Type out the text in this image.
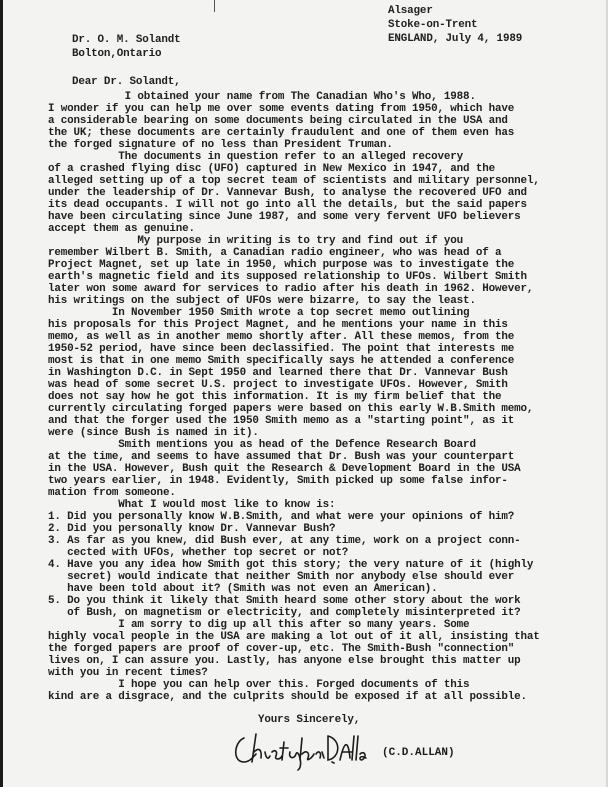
Alsager
Stoke-on-Trent
ENGLAND, July 4, 1989
Dr. O. M. Solandt
Bolton,Ontario
Dear Dr. Solandt,
I obtained your name from The Canadian Who's Who, 1988.
I wonder if you can help me over some events dating from 1950, which have
a considerable bearing on some documents being circulated in the USA and
the UK; these documents are certainly fraudulent and one of them even has
the forged signature of no less than President Truman.
The documents in question refer to an alleged recovery
of a crashed flying disc (UFO) captured in New Mexico in 1947, and the
alleged setting up of a top secret team of scientists and military personnel,
under the leadership of Dr. Vannevar Bush, to analyse the recovered UFO and
its dead occupants. I will not go into all the details, but the said papers
have been circulating since June 1987, and some very fervent UFO believers
accept them as genuine.
My purpose in writing is to try and find out if you
remember Wilbert B. Smith, a Canadian radio engineer, who was head of a
Project Magnet, set up late in 1950, which purpose was to investigate the
earth's magnetic field and its supposed relationship to UFOs. Wilbert Smith
later won some award for services to radio after his death in 1962. However,
his writings on the subject of UFOs were bizarre, to say the least.
In November 1950 Smith wrote a top secret memo outlining
his proposals for this Project Magnet, and he mentions your name in this
memo, as well as in another memo shortly after. All these memos, from the
1950-52 period, have since been declassified. The point that interests me
most is that in one memo Smith specifically says he attended a conference
in Washington D.C. in Sept 1950 and learned there that Dr. Vannevar Bush
was head of some secret U.S. project to investigate UFOs. However, Smith
does not say how he got this information. It is my firm belief that the
currently circulating forged papers were based on this early W.B.Smith memo,
and that the forger used the 1950 Smith memo as a "starting point", as it
were (since Bush is named in it).
Smith mentions you as head of the Defence Research Board
at the time, and seems to have assumed that Dr. Bush was your counterpart
in the USA. However, Bush quit the Research & Development Board in the USA
two years earlier, in 1948. Evidently, Smith picked up some false infor-
mation from someone.
What I would most like to know is:
1. Did you personally know W.B.Smith, and what were your opinions of him?
2. Did you personally know Dr. Vannevar Bush?
3. As far as you knew, did Bush ever, at any time, work on a project conn-
cected with UFOs, whether top secret or not?
4. Have you any idea how Smith got this story; the very nature of it (highly
secret) would indicate that neither Smith nor anybody else should ever
have been told about it? (Smith was not even an American).
5. Do you think it likely that Smith heard some other story about the work
of Bush, on magnetism or electricity, and completely misinterpreted it?
I am sorry to dig up all this after so many years. Some
highly vocal people in the USA are making a lot out of it all, insisting that
the forged papers are proof of cover-up, etc. The Smith-Bush "connection"
lives on, I can assure you. Lastly, has anyone else brought this matter up
with you in recent times?
I hope you can help over this. Forged documents of this
kind are a disgrace, and the culprits should be exposed if at all possible.
Yours Sincerely,
(C.D.ALLAN)
